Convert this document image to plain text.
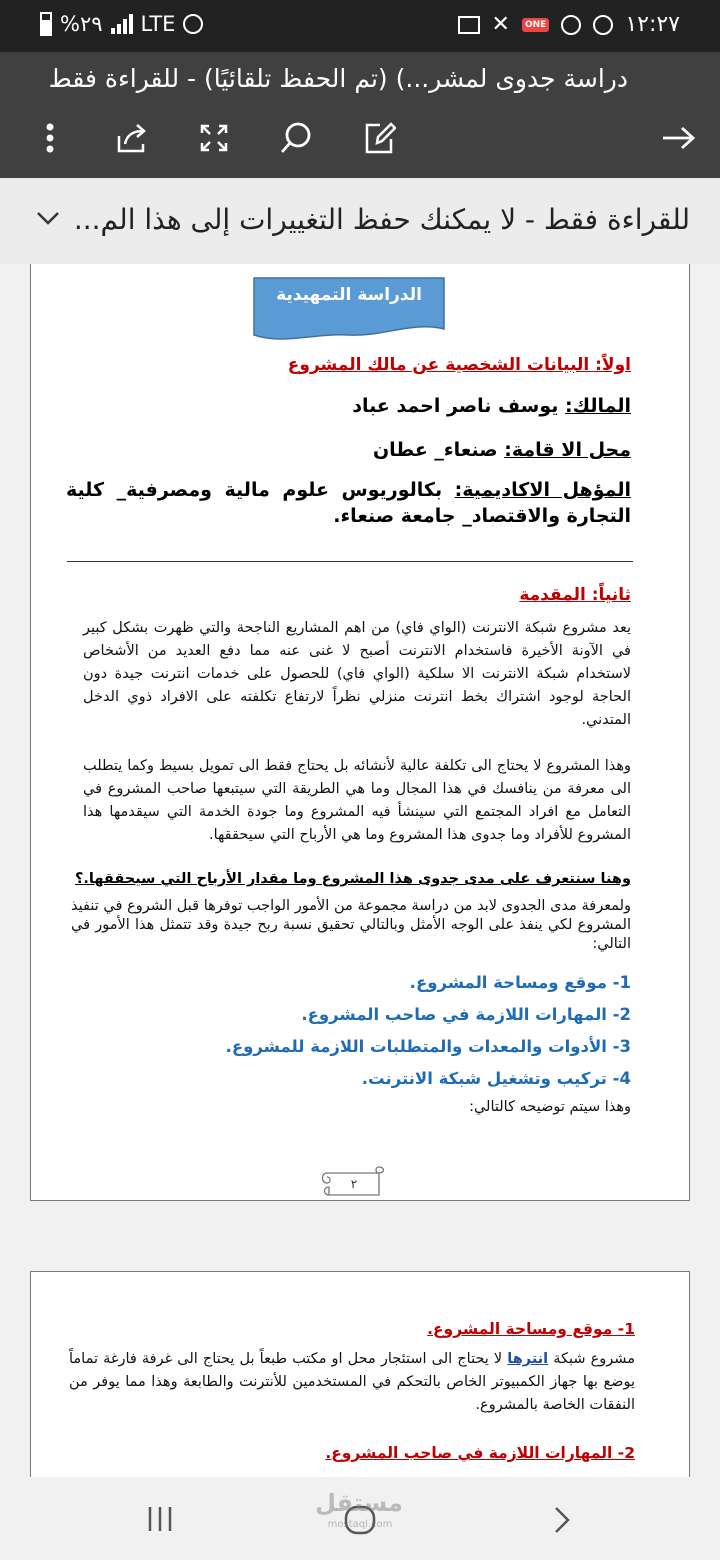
%٢٩ LTE	✕	ONE	١٢:٢٧
دراسة جدوى لمشر...) (تم الحفظ تلقائيًا) - للقراءة فقط
للقراءة فقط - لا يمكنك حفظ التغييرات إلى هذا الم...
الدراسة التمهيدية
اولاً: البيانات الشخصية عن مالك المشروع
المالك: يوسف ناصر احمد عباد
محل الا قامة: صنعاء_ عطان
المؤهل الاكاديمية: بكالوريوس علوم مالية ومصرفية_ كلية التجارة والاقتصاد_ جامعة صنعاء.
ثانياً: المقدمة
يعد مشروع شبكة الانترنت (الواي فاي) من اهم المشاريع الناجحة والتي ظهرت بشكل كبير في الآونة الأخيرة فاستخدام الانترنت أصبح لا غنى عنه مما دفع العديد من الأشخاص لاستخدام شبكة الانترنت الا سلكية (الواي فاي) للحصول على خدمات انترنت جيدة دون الحاجة لوجود اشتراك بخط انترنت منزلي نظراً لارتفاع تكلفته على الافراد ذوي الدخل المتدني.
وهذا المشروع لا يحتاج الى تكلفة عالية لأنشائه بل يحتاج فقط الى تمويل بسيط وكما يتطلب الى معرفة من ينافسك في هذا المجال وما هي الطريقة التي سيتبعها صاحب المشروع في التعامل مع افراد المجتمع التي سينشأ فيه المشروع وما جودة الخدمة التي سيقدمها هذا المشروع للأفراد وما جدوى هذا المشروع وما هي الأرباح التي سيحققها.
وهنا سنتعرف على مدى جدوى هذا المشروع وما مقدار الأرباح التي سيحققها.؟
ولمعرفة مدى الجدوى لابد من دراسة مجموعة من الأمور الواجب توفرها قبل الشروع في تنفيذ المشروع لكي ينفذ على الوجه الأمثل وبالتالي تحقيق نسبة ربح جيدة وقد تتمثل هذا الأمور في التالي:
1- موقع ومساحة المشروع.
2- المهارات اللازمة في صاحب المشروع.
3- الأدوات والمعدات والمتطلبات اللازمة للمشروع.
4- تركيب وتشغيل شبكة الانترنت.
وهذا سيتم توضيحه كالتالي:
٢
1- موقع ومساحة المشروع.
مشروع شبكة انترها لا يحتاج الى استئجار محل او مكتب طبعاً بل يحتاج الى غرفة فارغة تماماً يوضع بها جهاز الكمبيوتر الخاص بالتحكم في المستخدمين للأنترنت والطابعة وهذا مما يوفر من النفقات الخاصة بالمشروع.
2- المهارات اللازمة في صاحب المشروع.
مستقل
mostaql.com
